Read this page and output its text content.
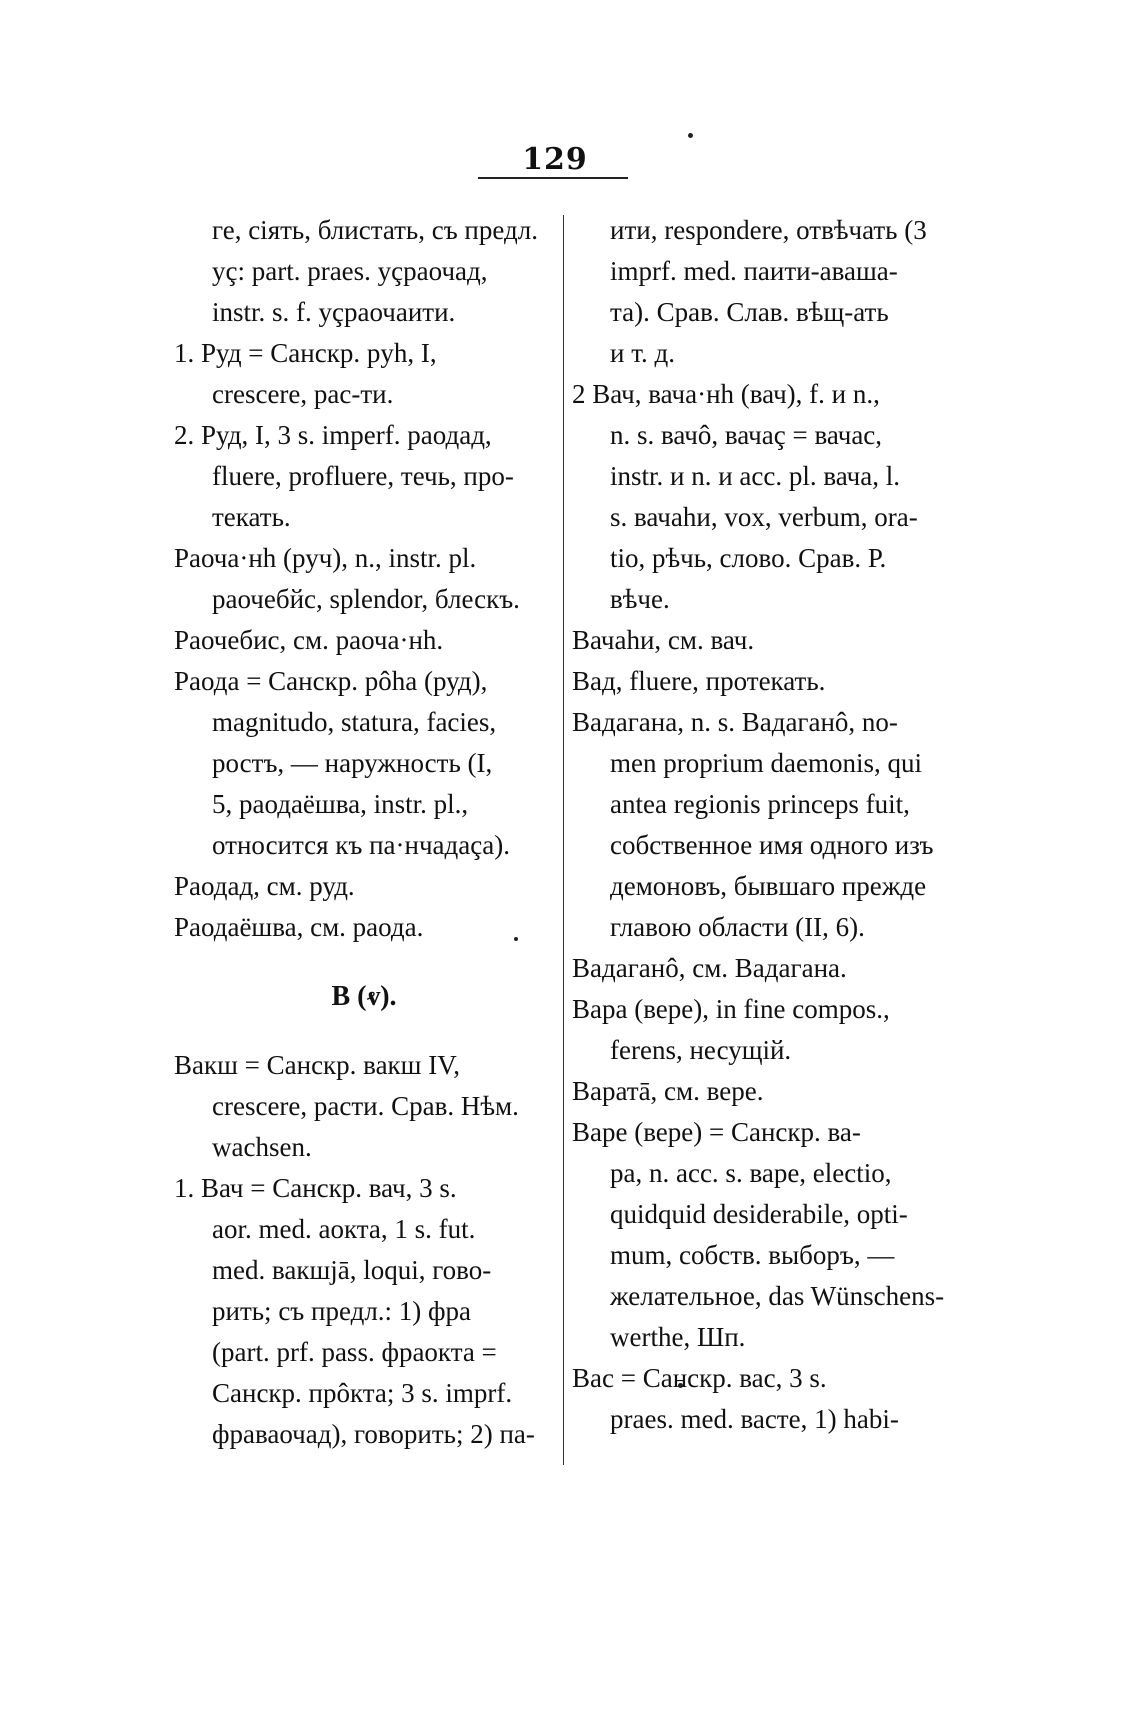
129
ге, сіять, блистать, съ предл.
уç: part. praes. уçраочад,
instr. s. f. уçраочаити.
1. Руд = Санскр. рyh, I,
crescere, рас-ти.
2. Руд, I, 3 s. imperf. раодад,
fluere, profluere, течь, про-
текать.
Раоча·нh (руч), n., instr. pl.
раочебйс, splendor, блескъ.
Раочебис, см. раоча·нh.
Раода = Санскр. рôha (руд),
magnitudo, statura, facies,
ростъ, — наружность (I,
5, раодаёшва, instr. pl.,
относится къ па·нчадаçа).
Раодад, см. руд.
Раодаёшва, см. раода.
В (ⱴ).
Вакш = Санскр. вакш IV,
crescere, расти. Срав. Нѣм.
wachsen.
1. Вач = Санскр. вач, 3 s.
aor. med. аокта, 1 s. fut.
med. вакшjā, loqui, гово-
рить; съ предл.: 1) фра
(part. prf. pass. фраокта =
Санскр. прôкта; 3 s. imprf.
фраваочад), говорить; 2) па-
ити, respondere, отвѣчать (3
imprf. med. паити-аваша-
та). Срав. Слав. вѣщ-ать
и т. д.
2 Вач, вача·нh (вач), f. и n.,
n. s. вачô, вачаç = вачас,
instr. и n. и acc. pl. вача, l.
s. вачаhи, vox, verbum, ora-
tio, рѣчь, слово. Срав. Р.
вѣче.
Вачаhи, см. вач.
Вад, fluere, протекать.
Вадагана, n. s. Вадаганô, no-
men proprium daemonis, qui
antea regionis princeps fuit,
собственное имя одного изъ
демоновъ, бывшаго прежде
главою области (II, 6).
Вадаганô, см. Вадагана.
Вара (вере), in fine compos.,
ferens, несущій.
Варатā, см. вере.
Варе (вере) = Санскр. ва-
ра, n. acc. s. варе, electio,
quidquid desiderabile, opti-
mum, собств. выборъ, —
желательное, das Wünschens-
werthe, Шп.
Вас = Санскр. вас, 3 s.
praes. med. васте, 1) habi-
